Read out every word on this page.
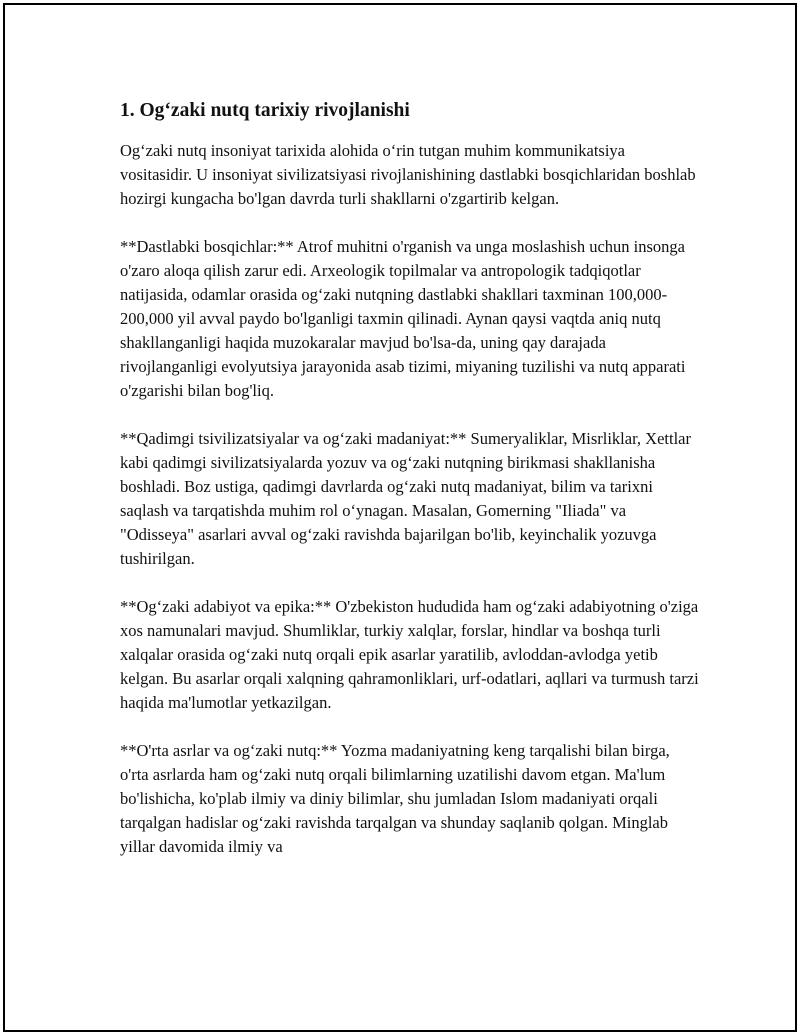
1. Og‘zaki nutq tarixiy rivojlanishi

Og‘zaki nutq insoniyat tarixida alohida o‘rin tutgan muhim kommunikatsiya vositasidir. U insoniyat sivilizatsiyasi rivojlanishining dastlabki bosqichlaridan boshlab hozirgi kungacha bo'lgan davrda turli shakllarni o'zgartirib kelgan.

**Dastlabki bosqichlar:** Atrof muhitni o'rganish va unga moslashish uchun insonga o'zaro aloqa qilish zarur edi. Arxeologik topilmalar va antropologik tadqiqotlar natijasida, odamlar orasida og‘zaki nutqning dastlabki shakllari taxminan 100,000-200,000 yil avval paydo bo'lganligi taxmin qilinadi. Aynan qaysi vaqtda aniq nutq shakllanganligi haqida muzokaralar mavjud bo'lsa-da, uning qay darajada rivojlanganligi evolyutsiya jarayonida asab tizimi, miyaning tuzilishi va nutq apparati o'zgarishi bilan bog'liq.

**Qadimgi tsivilizatsiyalar va og‘zaki madaniyat:** Sumeryaliklar, Misrliklar, Xettlar kabi qadimgi sivilizatsiyalarda yozuv va og‘zaki nutqning birikmasi shakllanisha boshladi. Boz ustiga, qadimgi davrlarda og‘zaki nutq madaniyat, bilim va tarixni saqlash va tarqatishda muhim rol o‘ynagan. Masalan, Gomerning "Iliada" va "Odisseya" asarlari avval og‘zaki ravishda bajarilgan bo'lib, keyinchalik yozuvga tushirilgan.

**Og‘zaki adabiyot va epika:** O'zbekiston hududida ham og‘zaki adabiyotning o'ziga xos namunalari mavjud. Shumliklar, turkiy xalqlar, forslar, hindlar va boshqa turli xalqalar orasida og‘zaki nutq orqali epik asarlar yaratilib, avloddan-avlodga yetib kelgan. Bu asarlar orqali xalqning qahramonliklari, urf-odatlari, aqllari va turmush tarzi haqida ma'lumotlar yetkazilgan.

**O'rta asrlar va og‘zaki nutq:** Yozma madaniyatning keng tarqalishi bilan birga, o'rta asrlarda ham og‘zaki nutq orqali bilimlarning uzatilishi davom etgan. Ma'lum bo'lishicha, ko'plab ilmiy va diniy bilimlar, shu jumladan Islom madaniyati orqali tarqalgan hadislar og‘zaki ravishda tarqalgan va shunday saqlanib qolgan. Minglab yillar davomida ilmiy va
